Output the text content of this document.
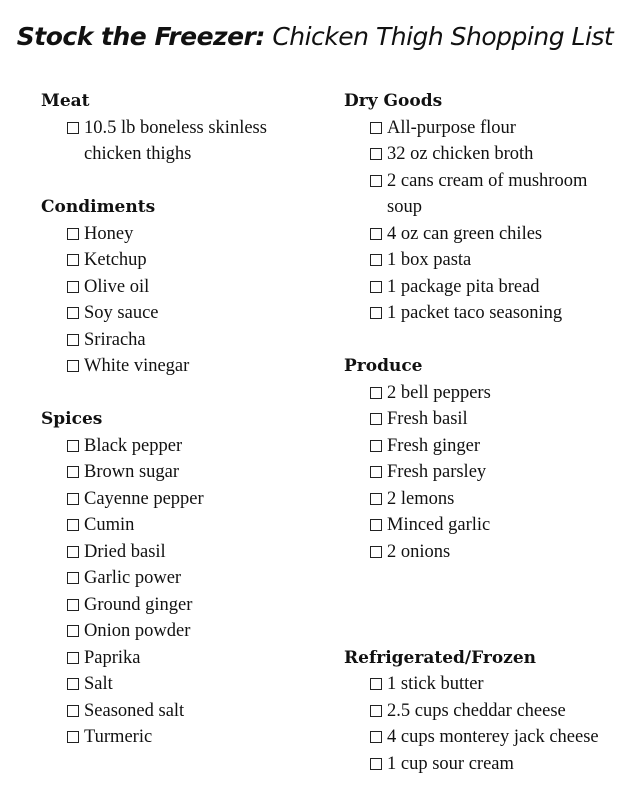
Stock the Freezer: Chicken Thigh Shopping List
Meat
10.5 lb boneless skinless chicken thighs
Condiments
Honey
Ketchup
Olive oil
Soy sauce
Sriracha
White vinegar
Spices
Black pepper
Brown sugar
Cayenne pepper
Cumin
Dried basil
Garlic power
Ground ginger
Onion powder
Paprika
Salt
Seasoned salt
Turmeric
Dry Goods
All-purpose flour
32 oz chicken broth
2 cans cream of mushroom soup
4 oz can green chiles
1 box pasta
1 package pita bread
1 packet taco seasoning
Produce
2 bell peppers
Fresh basil
Fresh ginger
Fresh parsley
2 lemons
Minced garlic
2 onions
Refrigerated/Frozen
1 stick butter
2.5 cups cheddar cheese
4 cups monterey jack cheese
1 cup sour cream
